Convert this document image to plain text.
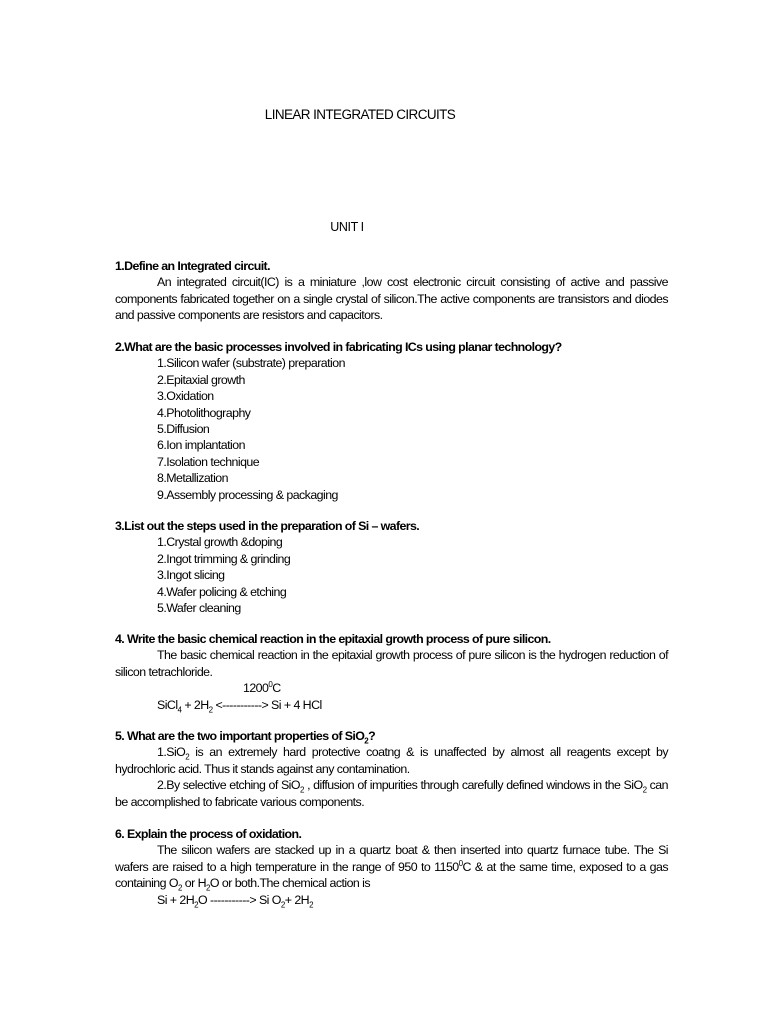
LINEAR INTEGRATED CIRCUITS
UNIT I
1.Define an Integrated circuit.
An integrated circuit(IC) is a miniature ,low cost electronic circuit consisting of active and passive components fabricated together on a single crystal of silicon.The active components are transistors and diodes and passive components are resistors and capacitors.
2.What are the basic processes involved in fabricating ICs using planar technology?
1.Silicon wafer (substrate) preparation
2.Epitaxial growth
3.Oxidation
4.Photolithography
5.Diffusion
6.Ion implantation
7.Isolation technique
8.Metallization
9.Assembly processing & packaging
3.List out the steps used in the preparation of Si – wafers.
1.Crystal growth &doping
2.Ingot trimming & grinding
3.Ingot slicing
4.Wafer policing & etching
5.Wafer cleaning
4. Write the basic chemical reaction in the epitaxial growth process of pure silicon.
The basic chemical reaction in the epitaxial growth process of pure silicon is the hydrogen reduction of silicon tetrachloride.
1200$^0$C
SiCl$_4$ + $2H_2$ <-----------> Si + 4 HCl
5. What are the two important properties of SiO$_2$?
1.SiO$_2$ is an extremely hard protective coatng & is unaffected by almost all reagents except by hydrochloric acid. Thus it stands against any contamination.
2.By selective etching of SiO$_2$ , diffusion of impurities through carefully defined windows in the SiO$_2$ can be accomplished to fabricate various components.
6. Explain the process of oxidation.
The silicon wafers are stacked up in a quartz boat & then inserted into quartz furnace tube. The Si wafers are raised to a high temperature in the range of 950 to 1150$^0$C & at the same time, exposed to a gas containing $O_2$ or $H_2O$ or both.The chemical action is
$Si + 2H_2O$ -----------> Si $O_2+ 2H_2$
